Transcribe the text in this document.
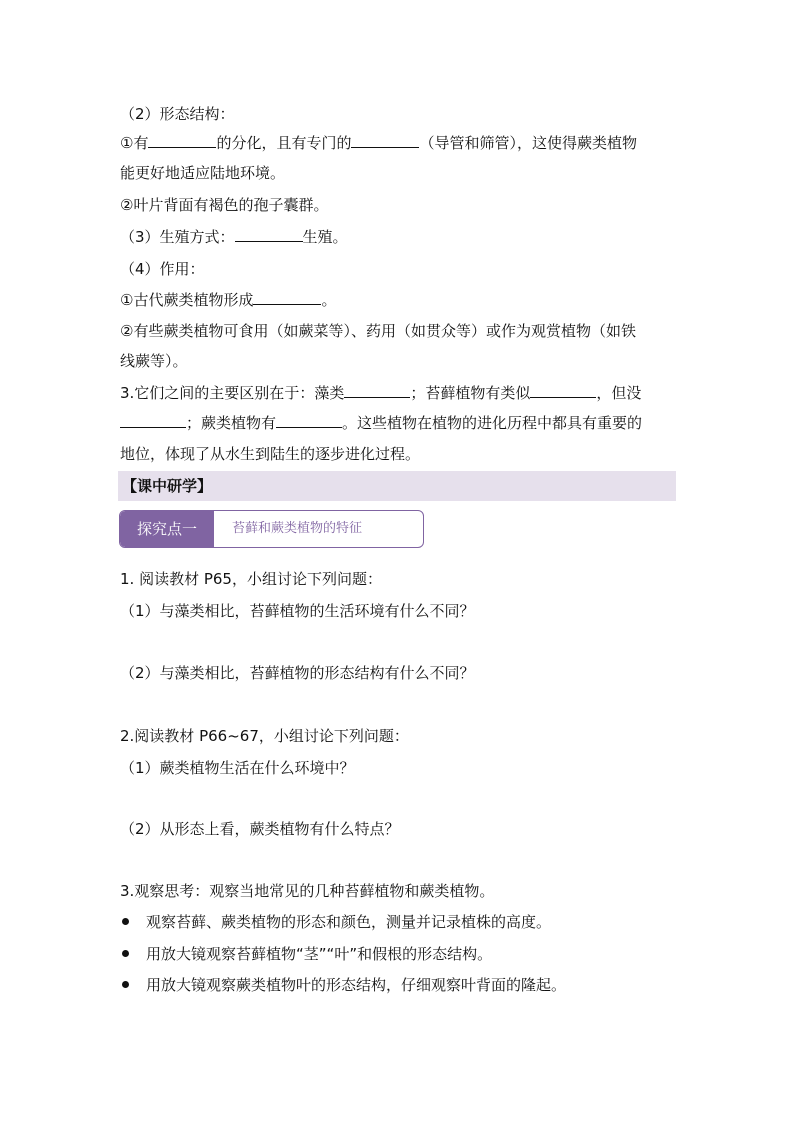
（2）形态结构：
①有	的分化，且有专门的	（导管和筛管），这使得蕨类植物
能更好地适应陆地环境。
②叶片背面有褐色的孢子囊群。
（3）生殖方式：	生殖。
（4）作用：
①古代蕨类植物形成	。
②有些蕨类植物可食用（如蕨菜等）、药用（如贯众等）或作为观赏植物（如铁
线蕨等）。
3.它们之间的主要区别在于：藻类	；苔藓植物有类似	，但没
；蕨类植物有	。这些植物在植物的进化历程中都具有重要的
地位，体现了从水生到陆生的逐步进化过程。
【课中研学】
探究点一	苔藓和蕨类植物的特征
1. 阅读教材 P65，小组讨论下列问题：
（1）与藻类相比，苔藓植物的生活环境有什么不同？
（2）与藻类相比，苔藓植物的形态结构有什么不同？
2.阅读教材 P66~67，小组讨论下列问题：
（1）蕨类植物生活在什么环境中？
（2）从形态上看，蕨类植物有什么特点？
3.观察思考：观察当地常见的几种苔藓植物和蕨类植物。
观察苔藓、蕨类植物的形态和颜色，测量并记录植株的高度。
用放大镜观察苔藓植物“茎”“叶”和假根的形态结构。
用放大镜观察蕨类植物叶的形态结构，仔细观察叶背面的隆起。
